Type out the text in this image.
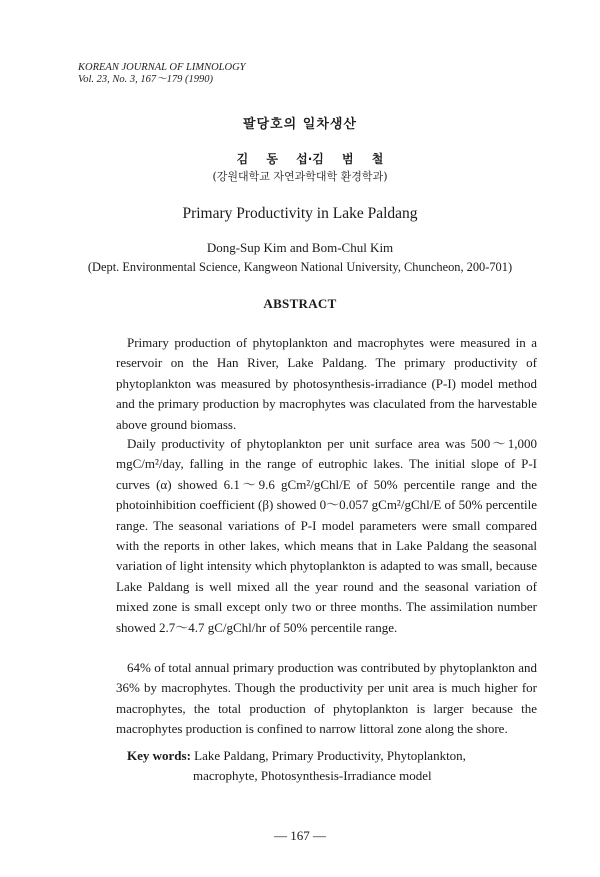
KOREAN JOURNAL OF LIMNOLOGY
Vol. 23, No. 3, 167～179 (1990)
팔당호의 일차생산
김 동 섭·김 범 철
(강원대학교 자연과학대학 환경학과)
Primary Productivity in Lake Paldang
Dong-Sup Kim and Bom-Chul Kim
(Dept. Environmental Science, Kangweon National University, Chuncheon, 200-701)
ABSTRACT

Primary production of phytoplankton and macrophytes were measured in a reservoir on the Han River, Lake Paldang. The primary productivity of phytoplankton was measured by photosynthesis-irradiance (P-I) model method and the primary production by macrophytes was claculated from the harvestable above ground biomass.

Daily productivity of phytoplankton per unit surface area was 500～1,000 mgC/m²/day, falling in the range of eutrophic lakes. The initial slope of P-I curves (α) showed 6.1～9.6 gCm²/gChl/E of 50% percentile range and the photoinhibition coefficient (β) showed 0～0.057 gCm²/gChl/E of 50% percentile range. The seasonal variations of P-I model parameters were small compared with the reports in other lakes, which means that in Lake Paldang the seasonal variation of light intensity which phytoplankton is adapted to was small, because Lake Paldang is well mixed all the year round and the seasonal variation of mixed zone is small except only two or three months. The assimilation number showed 2.7～4.7 gC/gChl/hr of 50% percentile range.

64% of total annual primary production was contributed by phytoplankton and 36% by macrophytes. Though the productivity per unit area is much higher for macrophytes, the total production of phytoplankton is larger because the macrophytes production is confined to narrow littoral zone along the shore.

Key words: Lake Paldang, Primary Productivity, Phytoplankton,
macrophyte, Photosynthesis-Irradiance model
— 167 —
